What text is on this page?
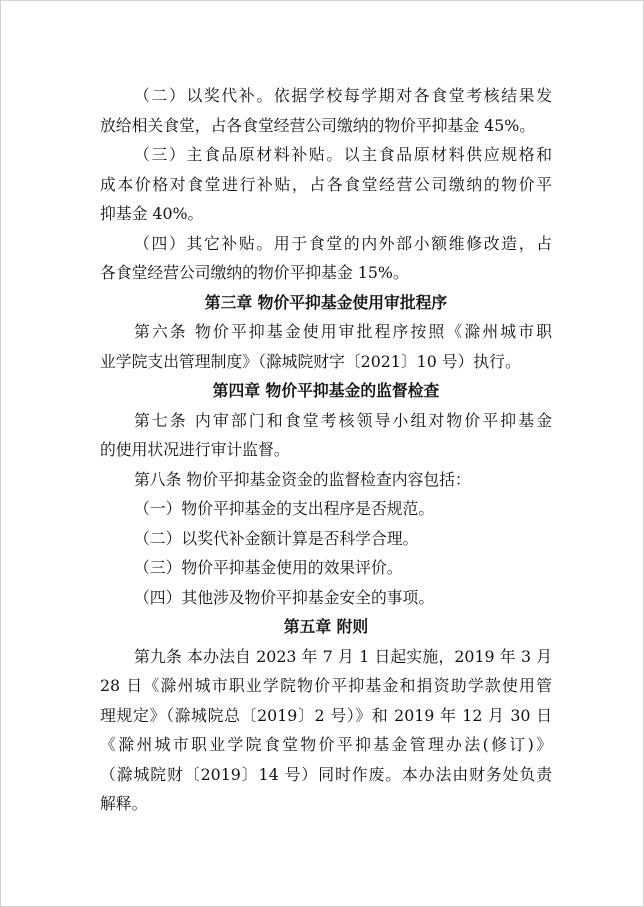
（二）以奖代补。依据学校每学期对各食堂考核结果发
放给相关食堂，占各食堂经营公司缴纳的物价平抑基金 45%。
（三）主食品原材料补贴。以主食品原材料供应规格和
成本价格对食堂进行补贴，占各食堂经营公司缴纳的物价平
抑基金 40%。
（四）其它补贴。用于食堂的内外部小额维修改造，占
各食堂经营公司缴纳的物价平抑基金 15%。
第三章 物价平抑基金使用审批程序
第六条 物价平抑基金使用审批程序按照《滁州城市职
业学院支出管理制度》（滁城院财字〔2021〕10 号）执行。
第四章 物价平抑基金的监督检查
第七条 内审部门和食堂考核领导小组对物价平抑基金
的使用状况进行审计监督。
第八条 物价平抑基金资金的监督检查内容包括：
（一）物价平抑基金的支出程序是否规范。
（二）以奖代补金额计算是否科学合理。
（三）物价平抑基金使用的效果评价。
（四）其他涉及物价平抑基金安全的事项。
第五章 附则
第九条 本办法自 2023 年 7 月 1 日起实施，2019 年 3 月
28 日《滁州城市职业学院物价平抑基金和捐资助学款使用管
理规定》（滁城院总〔2019〕2 号）》和 2019 年 12 月 30 日
《滁州城市职业学院食堂物价平抑基金管理办法(修订)》
（滁城院财〔2019〕14 号）同时作废。本办法由财务处负责
解释。
